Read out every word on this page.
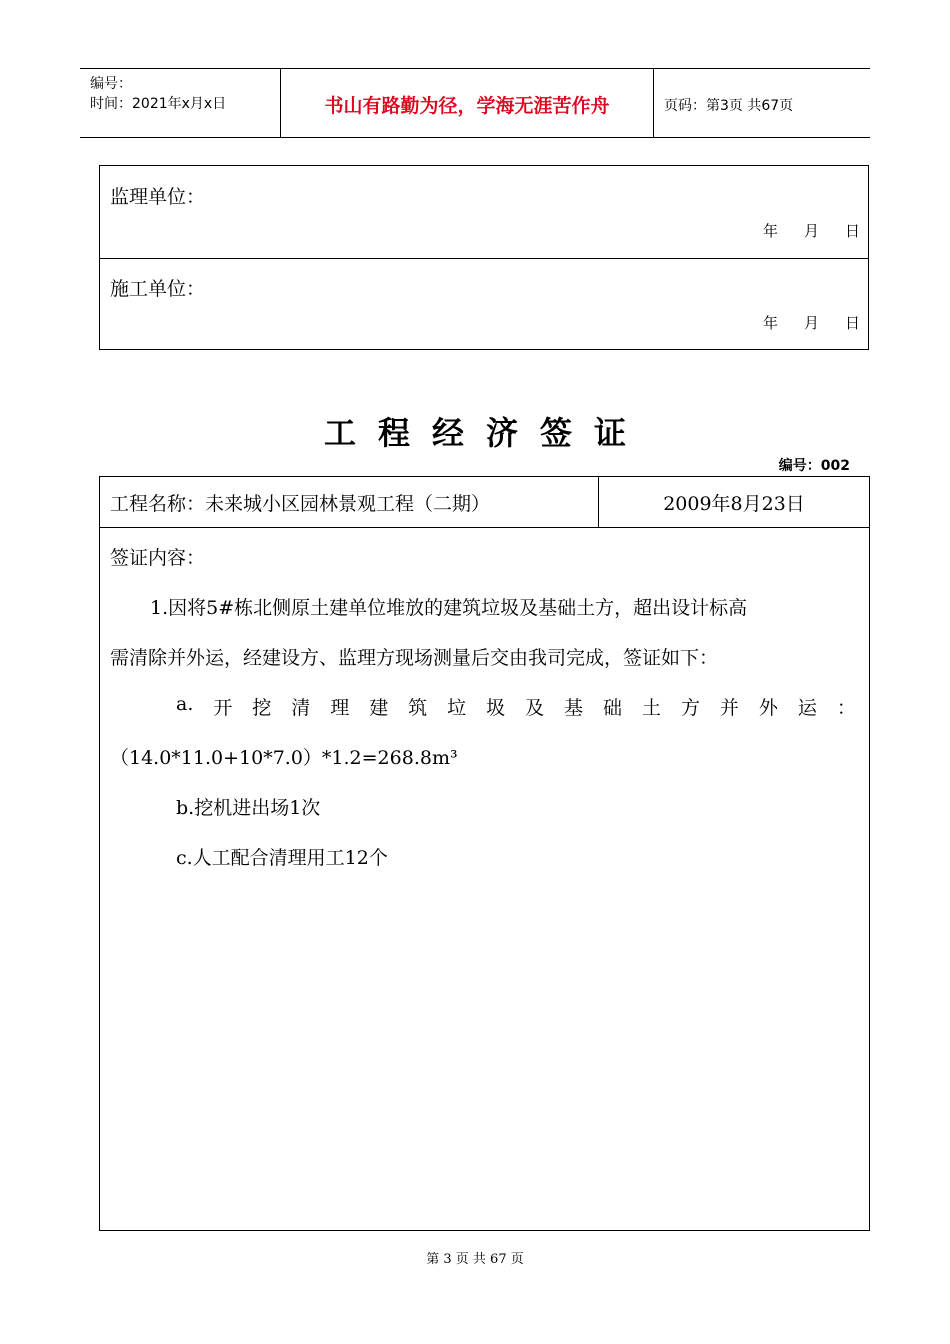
编号：
时间：2021年x月x日	书山有路勤为径，学海无涯苦作舟	页码：第3页 共67页
监理单位：
年 月 日
施工单位：
年 月 日
工程经济签证
编号：002
工程名称：未来城小区园林景观工程（二期）	2009年8月23日
签证内容：
1.因将5#栋北侧原土建单位堆放的建筑垃圾及基础土方，超出设计标高
需清除并外运，经建设方、监理方现场测量后交由我司完成，签证如下：
a. 开 挖 清 理 建 筑 垃 圾 及 基 础 土 方 并 外 运 ：
（14.0*11.0+10*7.0）*1.2=268.8m³
b.挖机进出场1次
c.人工配合清理用工12个
第 3 页 共 67 页
